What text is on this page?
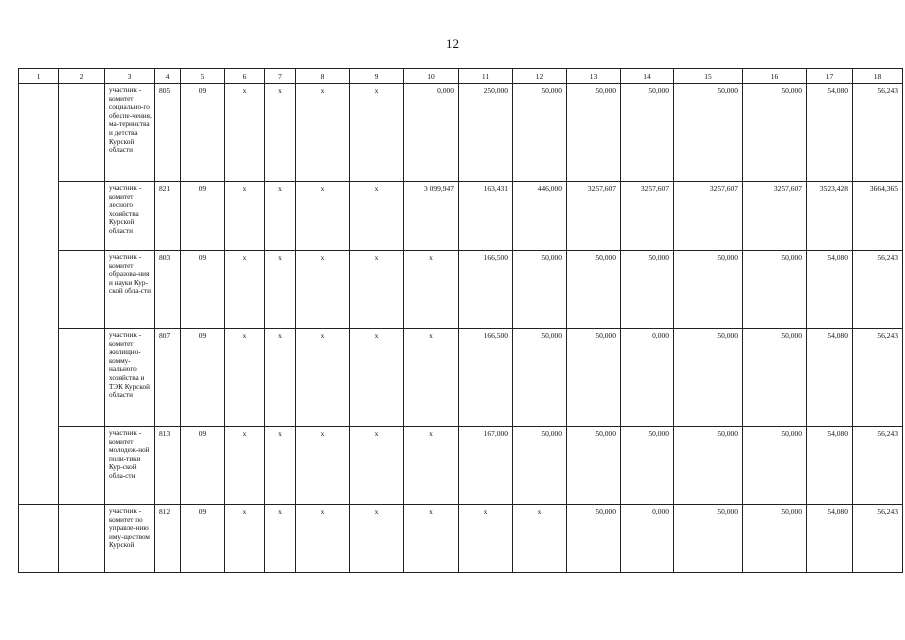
12
1	2	3	4	5	6	7	8	9	10	11	12	13	14	15	16	17	18
		участник - комитет социально-го обеспе-чения, ма-теринства и детства Курской области	805	09	х	х	х	х	0,000	250,000	50,000	50,000	50,000	50,000	50,000	54,080	56,243
		участник - комитет лесного хозяйства Курской области	821	09	х	х	х	х	3 099,947	163,431	446,000	3257,607	3257,607	3257,607	3257,607	3523,428	3664,365
		участник - комитет образова-ния и науки Кур-ской обла-сти	803	09	х	х	х	х	х	166,500	50,000	50,000	50,000	50,000	50,000	54,080	56,243
		участник - комитет жилищно-комму-нального хозяйства и ТЭК Курской области	807	09	х	х	х	х	х	166,500	50,000	50,000	0,000	50,000	50,000	54,080	56,243
		участник - комитет молодеж-ной поли-тики Кур-ской обла-сти	813	09	х	х	х	х	х	167,000	50,000	50,000	50,000	50,000	50,000	54,080	56,243
		участник - комитет по управле-нию иму-ществом Курской	812	09	х	х	х	х	х	х	х	50,000	0,000	50,000	50,000	54,080	56,243
